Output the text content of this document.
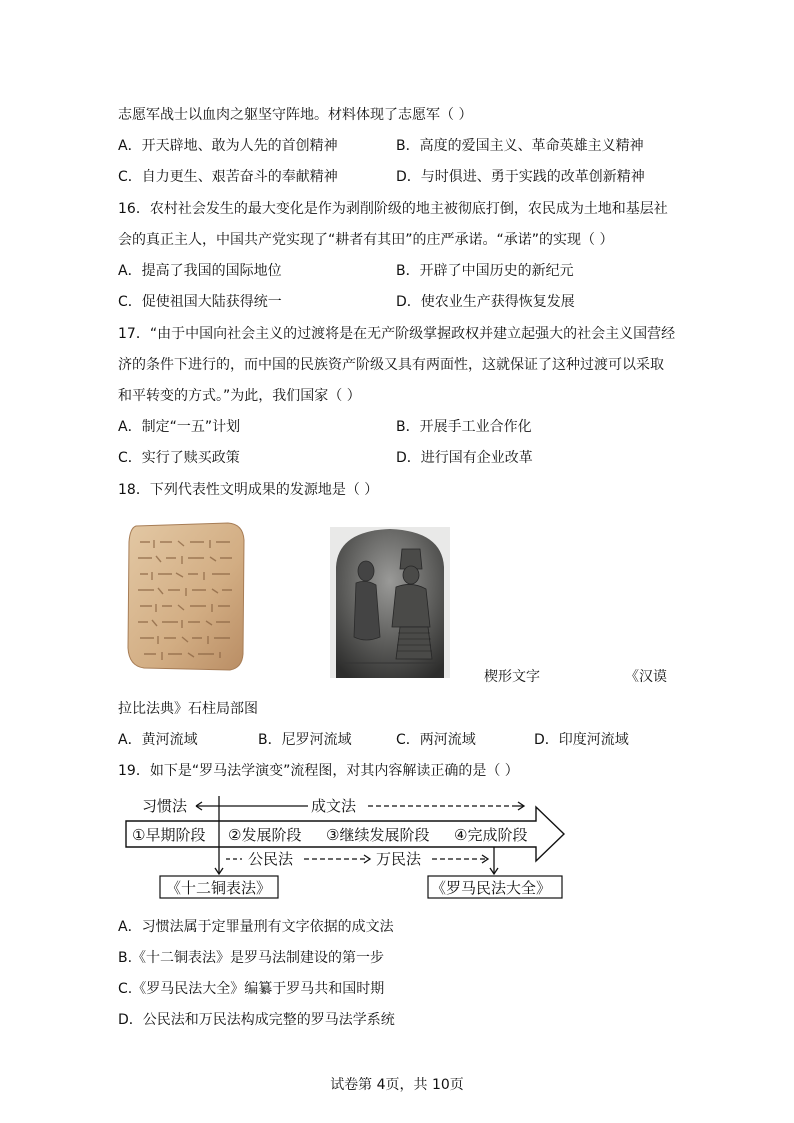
志愿军战士以血肉之躯坚守阵地。材料体现了志愿军（ ）
A．开天辟地、敢为人先的首创精神	B．高度的爱国主义、革命英雄主义精神
C．自力更生、艰苦奋斗的奉献精神	D．与时俱进、勇于实践的改革创新精神
16．农村社会发生的最大变化是作为剥削阶级的地主被彻底打倒，农民成为土地和基层社
会的真正主人，中国共产党实现了“耕者有其田”的庄严承诺。“承诺”的实现（ ）
A．提高了我国的国际地位	B．开辟了中国历史的新纪元
C．促使祖国大陆获得统一	D．使农业生产获得恢复发展
17．“由于中国向社会主义的过渡将是在无产阶级掌握政权并建立起强大的社会主义国营经
济的条件下进行的，而中国的民族资产阶级又具有两面性，这就保证了这种过渡可以采取
和平转变的方式。”为此，我们国家（ ）
A．制定“一五”计划	B．开展手工业合作化
C．实行了赎买政策	D．进行国有企业改革
18．下列代表性文明成果的发源地是（ ）
楔形文字	《汉谟
拉比法典》石柱局部图
A．黄河流域	B．尼罗河流域	C．两河流域	D．印度河流域
19．如下是“罗马法学演变”流程图，对其内容解读正确的是（ ）
习惯法	成文法
①早期阶段 ②发展阶段 ③继续发展阶段 ④完成阶段
公民法	万民法
《十二铜表法》	《罗马民法大全》
A．习惯法属于定罪量刑有文字依据的成文法
B.《十二铜表法》是罗马法制建设的第一步
C.《罗马民法大全》编纂于罗马共和国时期
D．公民法和万民法构成完整的罗马法学系统
试卷第 4页，共 10页
